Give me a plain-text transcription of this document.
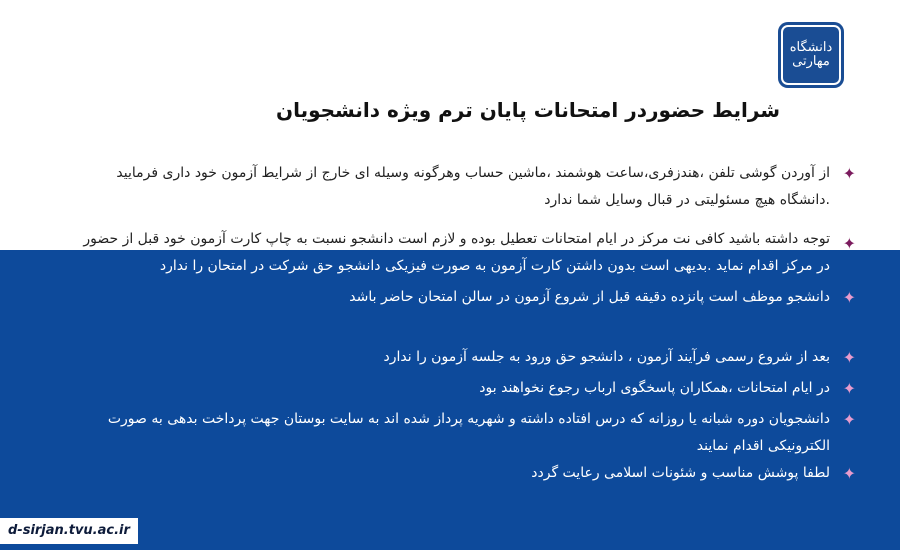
دانشگاه مهارتی
شرایط حضوردر امتحانات پایان ترم ویژه دانشجویان
✦
از آوردن گوشی تلفن ،هندزفری،ساعت هوشمند ،ماشین حساب وهرگونه وسیله ای خارج از شرایط آزمون خود داری فرمایید .دانشگاه هیچ مسئولیتی در قبال وسایل شما ندارد
✦
توجه داشته باشید کافی نت مرکز در ایام امتحانات تعطیل بوده و لازم است دانشجو نسبت به چاپ کارت آزمون خود قبل از حضور
در مرکز اقدام نماید .بدیهی است بدون داشتن کارت آزمون به صورت فیزیکی دانشجو حق شرکت در امتحان را ندارد
✦
دانشجو موظف است پانزده دقیقه قبل از شروع آزمون در سالن امتحان حاضر باشد
✦
بعد از شروع رسمی فرآیند آزمون ، دانشجو حق ورود به جلسه آزمون را ندارد
✦
در ایام امتحانات ،همکاران پاسخگوی ارباب رجوع نخواهند بود
✦
دانشجویان دوره شبانه یا روزانه که درس افتاده داشته و شهریه پرداز شده اند به سایت بوستان جهت پرداخت بدهی به صورت الکترونیکی اقدام نمایند
✦
لطفا پوشش مناسب و شئونات اسلامی رعایت گردد
d-sirjan.tvu.ac.ir
